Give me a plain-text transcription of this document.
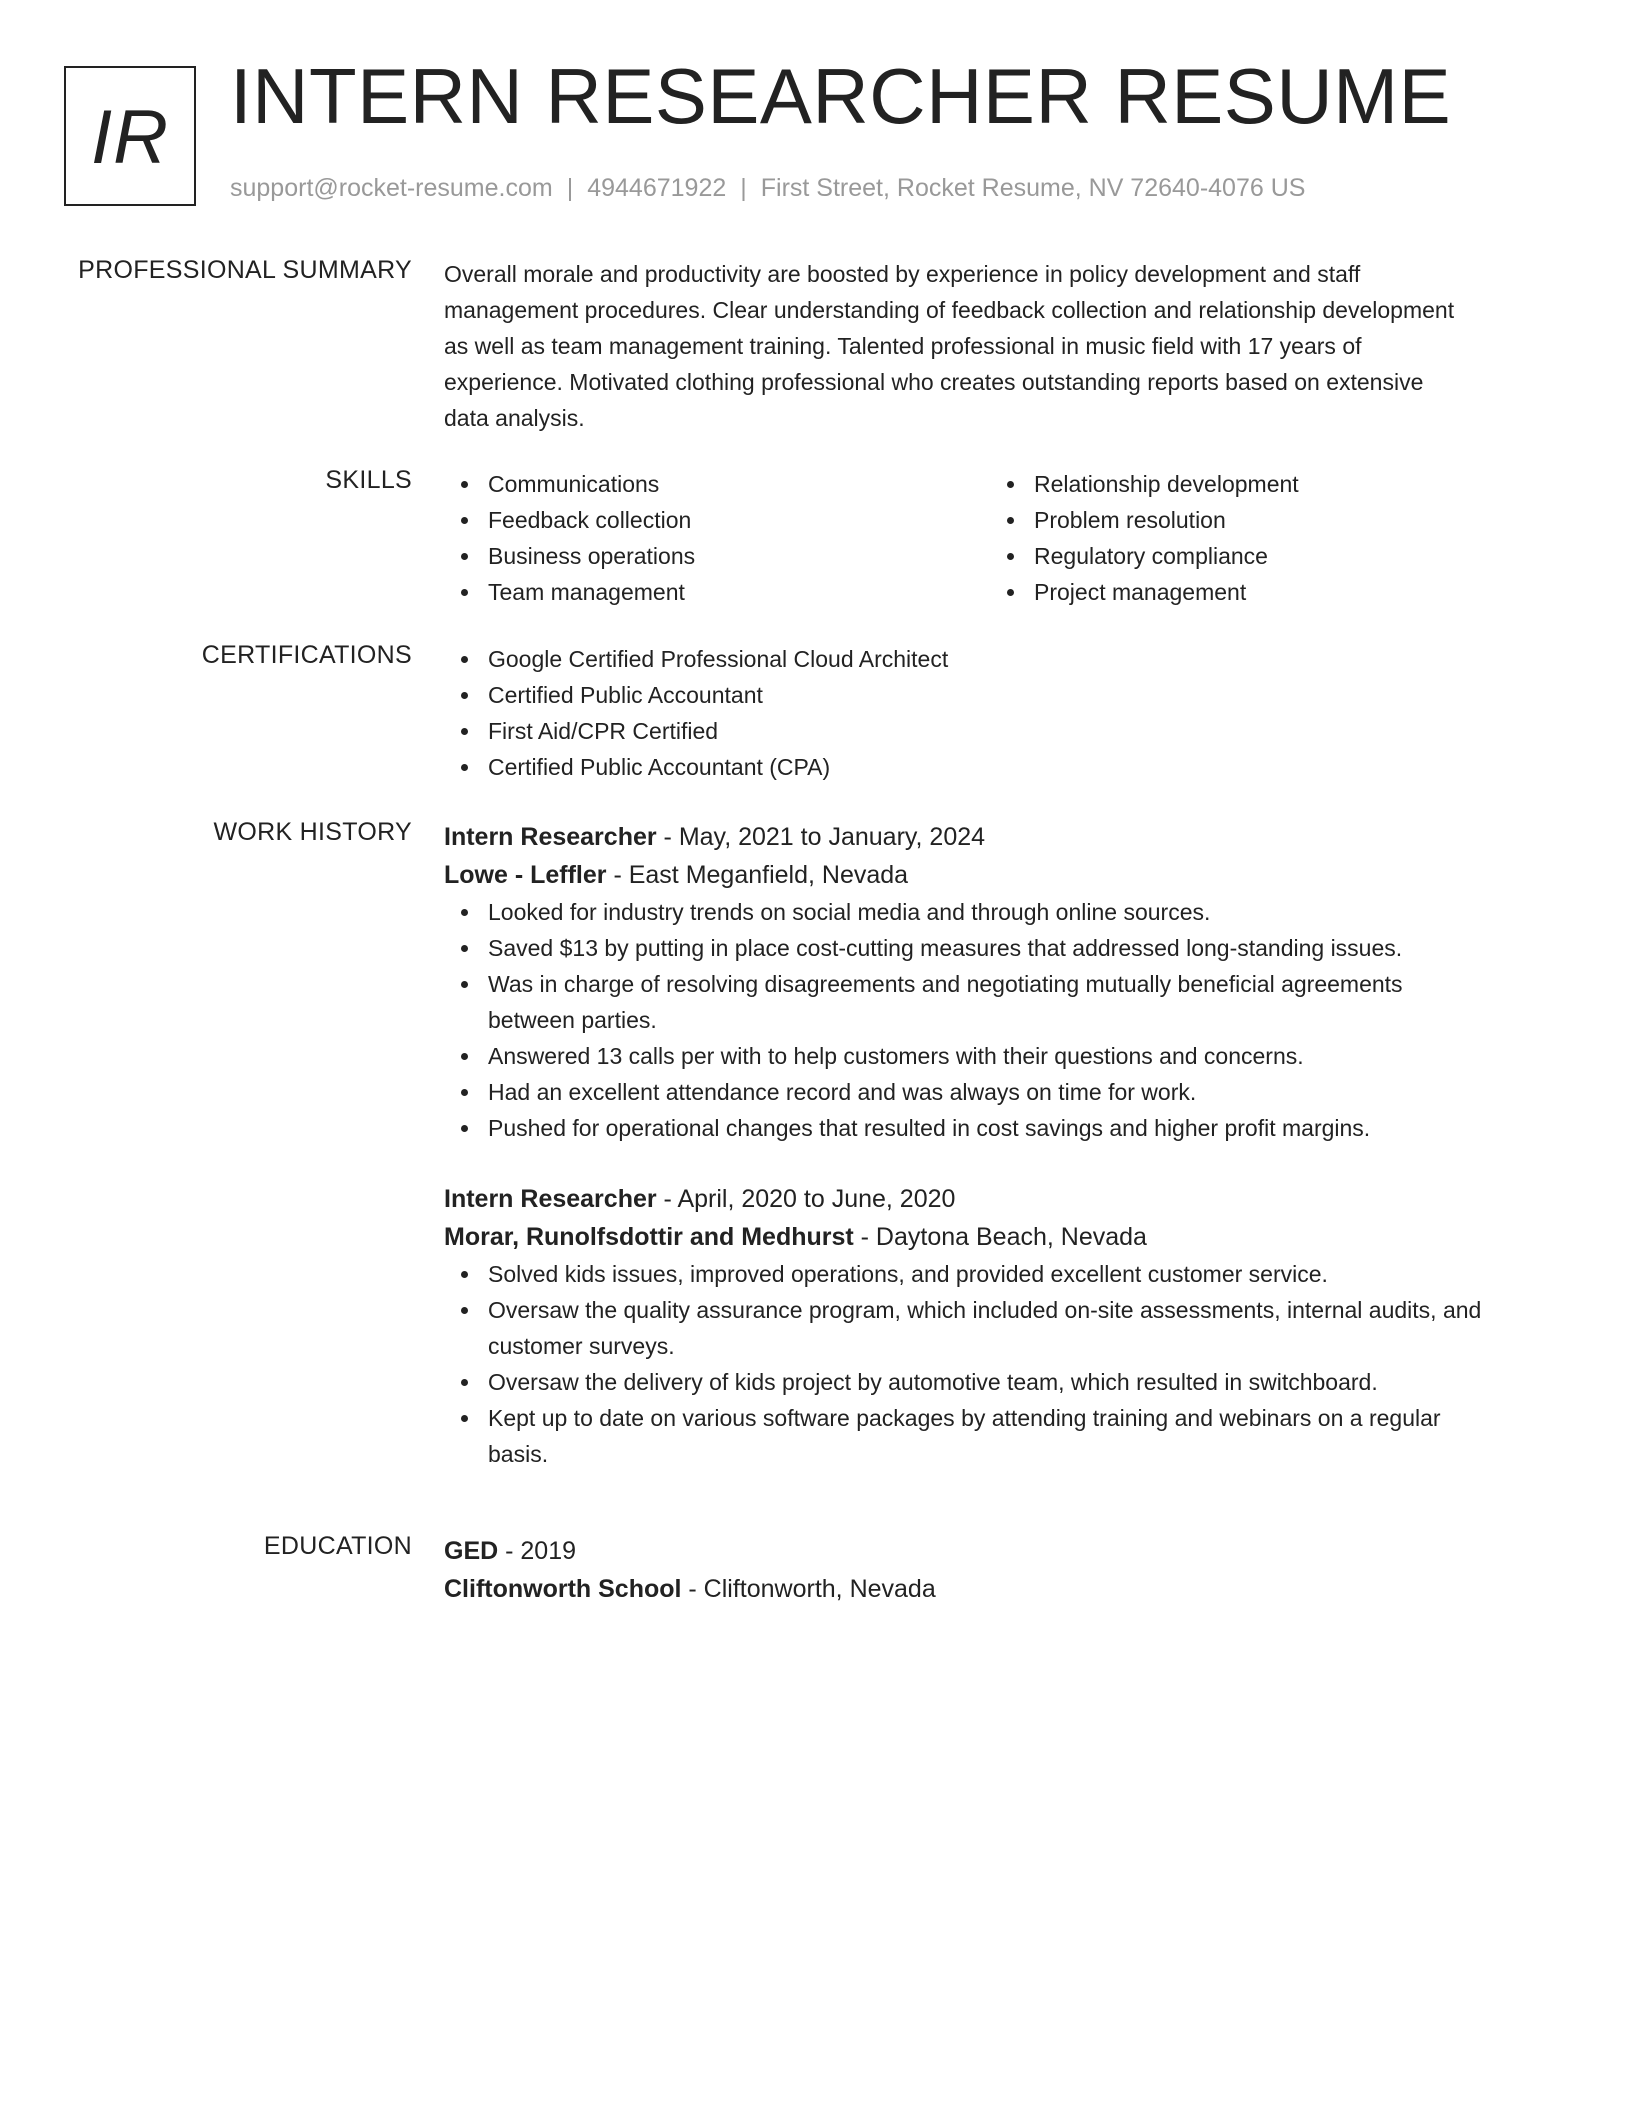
IR INTERN RESEARCHER RESUME
support@rocket-resume.com | 4944671922 | First Street, Rocket Resume, NV 72640-4076 US
PROFESSIONAL SUMMARY Overall morale and productivity are boosted by experience in policy development and staff
management procedures. Clear understanding of feedback collection and relationship development
as well as team management training. Talented professional in music field with 17 years of
experience. Motivated clothing professional who creates outstanding reports based on extensive
data analysis.
SKILLS	Communications
Feedback collection
Business operations
Team management
Relationship development
Problem resolution
Regulatory compliance
Project management
CERTIFICATIONS	Google Certified Professional Cloud Architect
Certified Public Accountant
First Aid/CPR Certified
Certified Public Accountant (CPA)
WORK HISTORY Intern Researcher - May, 2021 to January, 2024
Lowe - Leffler - East Meganfield, Nevada
Looked for industry trends on social media and through online sources.
Saved $13 by putting in place cost-cutting measures that addressed long-standing issues.
Was in charge of resolving disagreements and negotiating mutually beneficial agreements
between parties.
Answered 13 calls per with to help customers with their questions and concerns.
Had an excellent attendance record and was always on time for work.
Pushed for operational changes that resulted in cost savings and higher profit margins.
Intern Researcher - April, 2020 to June, 2020
Morar, Runolfsdottir and Medhurst - Daytona Beach, Nevada
Solved kids issues, improved operations, and provided excellent customer service.
Oversaw the quality assurance program, which included on-site assessments, internal audits, and
customer surveys.
Oversaw the delivery of kids project by automotive team, which resulted in switchboard.
Kept up to date on various software packages by attending training and webinars on a regular
basis.
EDUCATION GED - 2019
Cliftonworth School - Cliftonworth, Nevada
